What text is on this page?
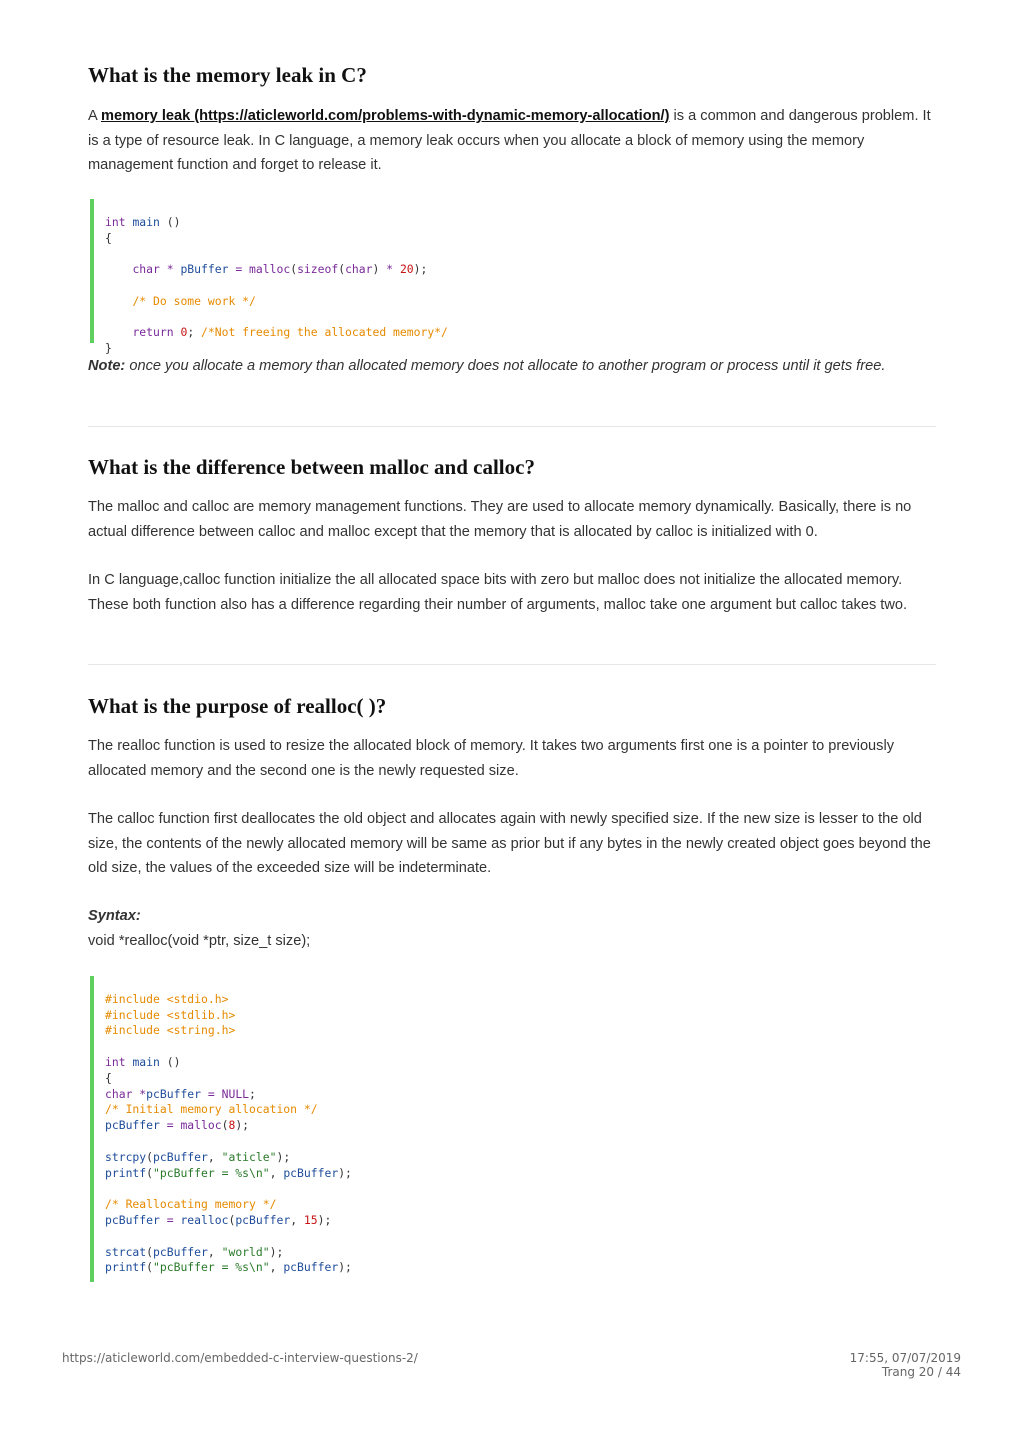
What is the memory leak in C?

A memory leak (https://aticleworld.com/problems-with-dynamic-memory-allocation/) is a common and dangerous problem. It is a type of resource leak. In C language, a memory leak occurs when you allocate a block of memory using the memory management function and forget to release it.

int main ()
{
char * pBuffer = malloc(sizeof(char) * 20);
/* Do some work */
return 0; /*Not freeing the allocated memory*/
}

Note: once you allocate a memory than allocated memory does not allocate to another program or process until it gets free.

What is the difference between malloc and calloc?

The malloc and calloc are memory management functions. They are used to allocate memory dynamically. Basically, there is no actual difference between calloc and malloc except that the memory that is allocated by calloc is initialized with 0.

In C language,calloc function initialize the all allocated space bits with zero but malloc does not initialize the allocated memory. These both function also has a difference regarding their number of arguments, malloc take one argument but calloc takes two.

What is the purpose of realloc( )?

The realloc function is used to resize the allocated block of memory. It takes two arguments first one is a pointer to previously allocated memory and the second one is the newly requested size.

The calloc function first deallocates the old object and allocates again with newly specified size. If the new size is lesser to the old size, the contents of the newly allocated memory will be same as prior but if any bytes in the newly created object goes beyond the old size, the values of the exceeded size will be indeterminate.

Syntax:
void *realloc(void *ptr, size_t size);

#include <stdio.h>
#include <stdlib.h>
#include <string.h>
int main ()
{
char *pcBuffer = NULL;
/* Initial memory allocation */
pcBuffer = malloc(8);
strcpy(pcBuffer, "aticle");
printf("pcBuffer = %s\n", pcBuffer);
/* Reallocating memory */
pcBuffer = realloc(pcBuffer, 15);
strcat(pcBuffer, "world");
printf("pcBuffer = %s\n", pcBuffer);
https://aticleworld.com/embedded-c-interview-questions-2/	17:55, 07/07/2019
Trang 20 / 44
